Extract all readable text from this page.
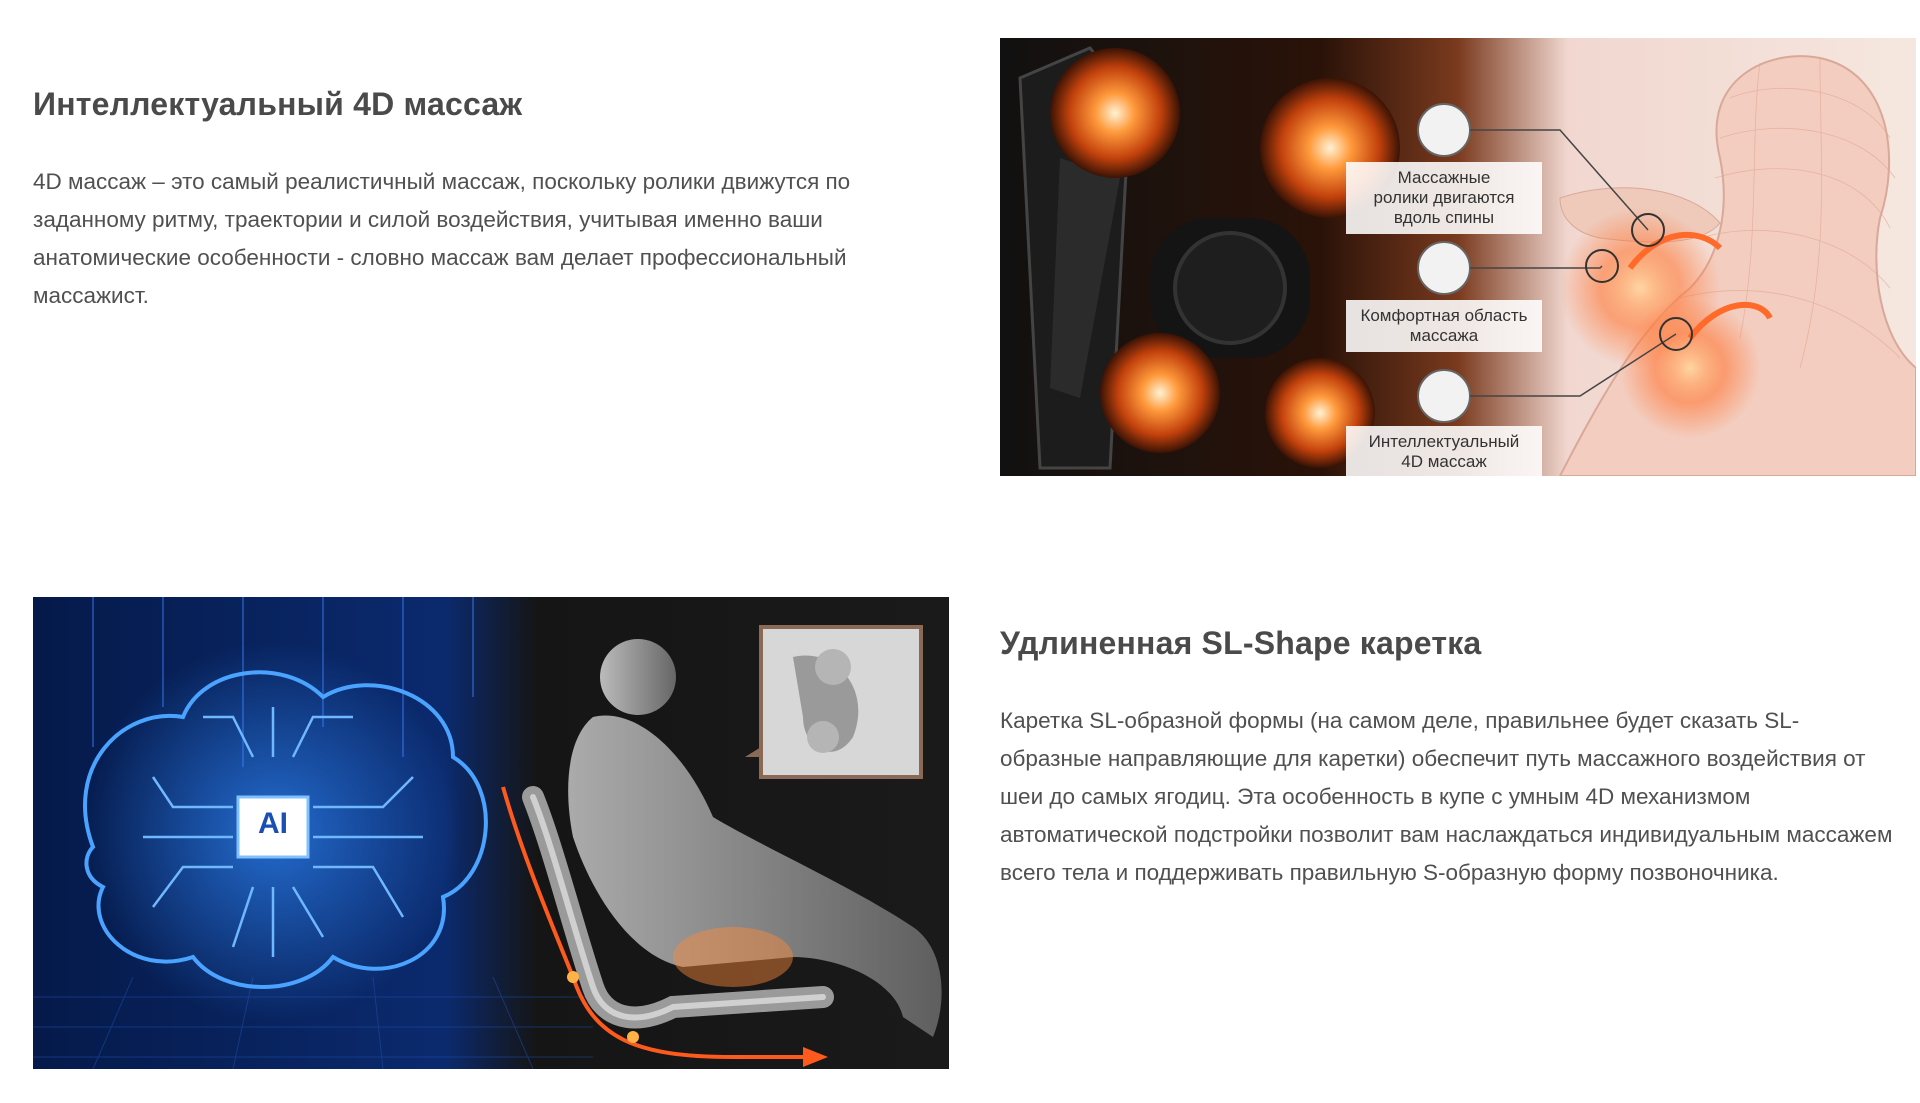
Интеллектуальный 4D массаж

4D массаж – это самый реалистичный массаж, поскольку ролики движутся по заданному ритму, траектории и силой воздействия, учитывая именно ваши анатомические особенности - словно массаж вам делает профессиональный массажист.

Массажные
ролики двигаются
вдоль спины
Комфортная область
массажа
Интеллектуальный
4D массаж
AI
Удлиненная SL-Shape каретка

Каретка SL-образной формы (на самом деле, правильнее будет сказать SL-образные направляющие для каретки) обеспечит путь массажного воздействия от шеи до самых ягодиц. Эта особенность в купе с умным 4D механизмом автоматической подстройки позволит вам наслаждаться индивидуальным массажем всего тела и поддерживать правильную S-образную форму позвоночника.
